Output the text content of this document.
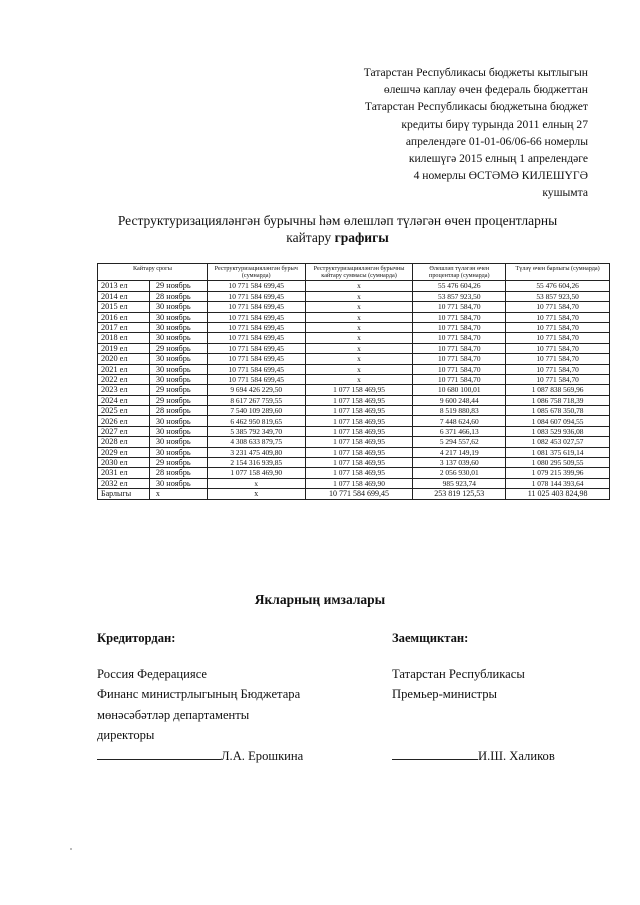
Татарстан Республикасы бюджеты кытлыгын
өлешчә каплау өчен федераль бюджеттан
Татарстан Республикасы бюджетына бюджет
кредиты бирү турында 2011 елның 27
апрелендәге 01-01-06/06-66 номерлы
килешүгә 2015 елның 1 апрелендәге
4 номерлы ӨСТӘМӘ КИЛЕШҮГӘ
кушымта
Реструктуризацияләнгән бурычны һәм өлешләп түләгән өчен процентларны
кайтару графигы
Кайтару срогы		Реструктуризацияләнгән бурыч (сумнарда)	Реструктуризацияләнгән бурычны кайтару суммасы (сумнарда)	Өлешләп түләгән өчен процентлар (сумнарда)	Түләү өчен барлыгы (сумнарда)
2013 ел	29 ноябрь	10 771 584 699,45	x	55 476 604,26	55 476 604,26
2014 ел	28 ноябрь	10 771 584 699,45	x	53 857 923,50	53 857 923,50
2015 ел	30 ноябрь	10 771 584 699,45	x	10 771 584,70	10 771 584,70
2016 ел	30 ноябрь	10 771 584 699,45	x	10 771 584,70	10 771 584,70
2017 ел	30 ноябрь	10 771 584 699,45	x	10 771 584,70	10 771 584,70
2018 ел	30 ноябрь	10 771 584 699,45	x	10 771 584,70	10 771 584,70
2019 ел	29 ноябрь	10 771 584 699,45	x	10 771 584,70	10 771 584,70
2020 ел	30 ноябрь	10 771 584 699,45	x	10 771 584,70	10 771 584,70
2021 ел	30 ноябрь	10 771 584 699,45	x	10 771 584,70	10 771 584,70
2022 ел	30 ноябрь	10 771 584 699,45	x	10 771 584,70	10 771 584,70
2023 ел	29 ноябрь	9 694 426 229,50	1 077 158 469,95	10 680 100,01	1 087 838 569,96
2024 ел	29 ноябрь	8 617 267 759,55	1 077 158 469,95	9 600 248,44	1 086 758 718,39
2025 ел	28 ноябрь	7 540 109 289,60	1 077 158 469,95	8 519 880,83	1 085 678 350,78
2026 ел	30 ноябрь	6 462 950 819,65	1 077 158 469,95	7 448 624,60	1 084 607 094,55
2027 ел	30 ноябрь	5 385 792 349,70	1 077 158 469,95	6 371 466,13	1 083 529 936,08
2028 ел	30 ноябрь	4 308 633 879,75	1 077 158 469,95	5 294 557,62	1 082 453 027,57
2029 ел	30 ноябрь	3 231 475 409,80	1 077 158 469,95	4 217 149,19	1 081 375 619,14
2030 ел	29 ноябрь	2 154 316 939,85	1 077 158 469,95	3 137 039,60	1 080 295 509,55
2031 ел	28 ноябрь	1 077 158 469,90	1 077 158 469,95	2 056 930,01	1 079 215 399,96
2032 ел	30 ноябрь	x	1 077 158 469,90	985 923,74	1 078 144 393,64
Барлыгы	x	x	10 771 584 699,45	253 819 125,53	11 025 403 824,98
Якларның имзалары
Кредитордан:
Россия Федерациясе
Финанс министрлыгының Бюджетара
мөнәсәбәтләр департаменты
директоры
Л.А. Ерошкина
Заемщиктан:
Татарстан Республикасы
Премьер-министры
И.Ш. Халиков
